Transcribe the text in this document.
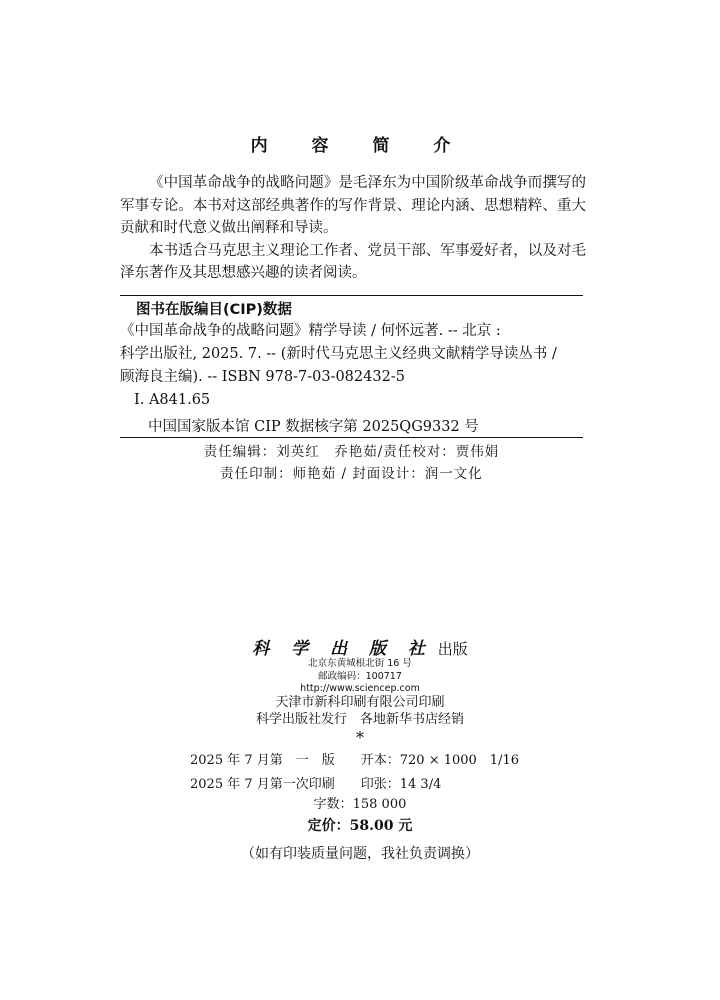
内 容 简 介

《中国革命战争的战略问题》是毛泽东为中国阶级革命战争而撰写的军事专论。本书对这部经典著作的写作背景、理论内涵、思想精粹、重大贡献和时代意义做出阐释和导读。

本书适合马克思主义理论工作者、党员干部、军事爱好者，以及对毛泽东著作及其思想感兴趣的读者阅读。

图书在版编目(CIP)数据
《中国革命战争的战略问题》精学导读 / 何怀远著. -- 北京 :
科学出版社, 2025. 7. -- (新时代马克思主义经典文献精学导读丛书 /
顾海良主编). -- ISBN 978-7-03-082432-5
Ⅰ. A841.65
中国国家版本馆 CIP 数据核字第 2025QG9332 号
责任编辑：刘英红　乔艳茹/责任校对：贾伟娟
责任印制：师艳茹 / 封面设计：润一文化
科 学 出 版 社 出版
北京东黄城根北街 16 号
邮政编码：100717
http://www.sciencep.com
天津市新科印刷有限公司印刷
科学出版社发行　各地新华书店经销
*
2025 年 7 月第　一　版　　开本：720 × 1000　1/16
2025 年 7 月第一次印刷　　印张：14 3/4
字数：158 000
定价：58.00 元
（如有印装质量问题，我社负责调换）
